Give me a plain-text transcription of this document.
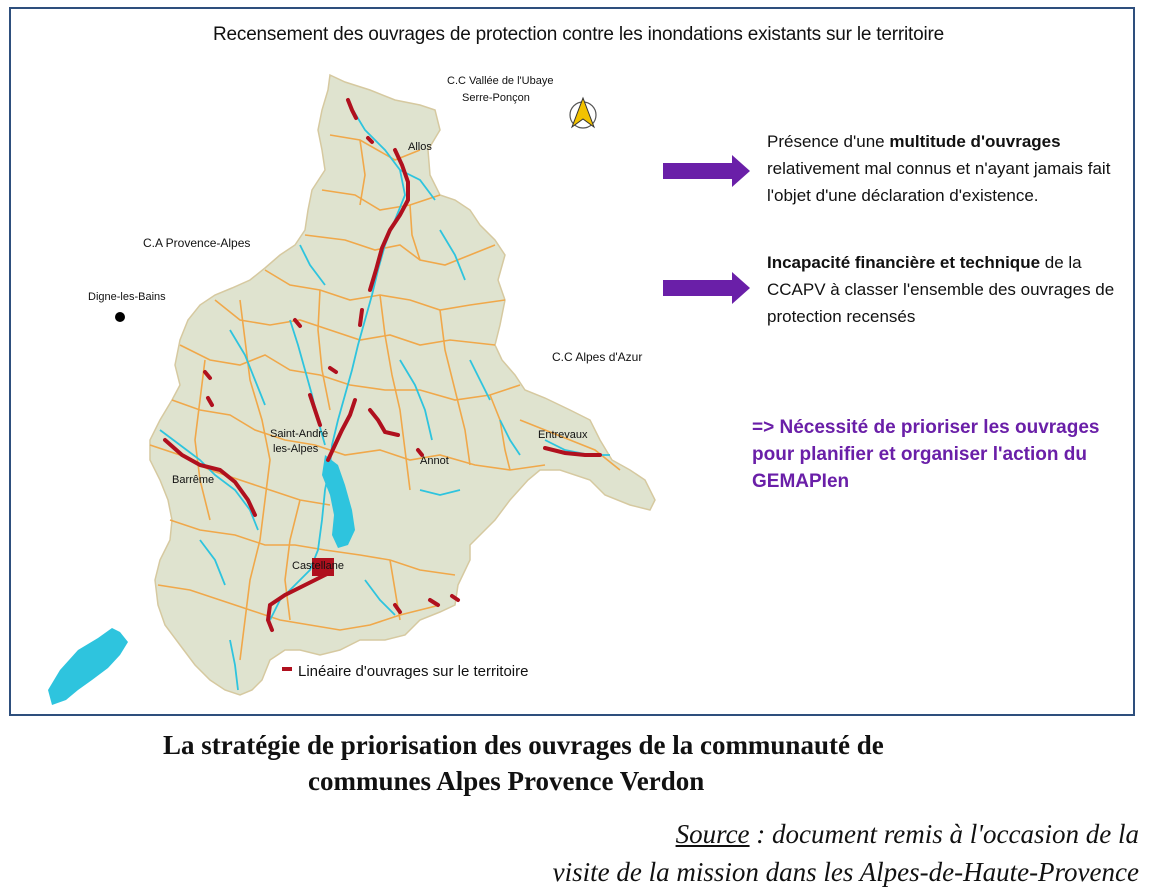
Recensement des ouvrages de protection contre les inondations existants sur le territoire
C.C Vallée de l'Ubaye
Serre-Ponçon
Allos
C.A Provence-Alpes
Digne-les-Bains
C.C Alpes d'Azur
Saint-André
les-Alpes
Entrevaux
Annot
Barrême
Castellane
Présence d'une multitude d'ouvrages relativement mal connus et n'ayant jamais fait l'objet d'une déclaration d'existence.
Incapacité financière et technique de la CCAPV à classer l'ensemble des ouvrages de protection recensés
=> Nécessité de prioriser les ouvrages pour planifier et organiser l'action du GEMAPIen
Linéaire d'ouvrages sur le territoire
La stratégie de priorisation des ouvrages de la communauté de
communes Alpes Provence Verdon
Source : document remis à l'occasion de la
visite de la mission dans les Alpes-de-Haute-Provence
